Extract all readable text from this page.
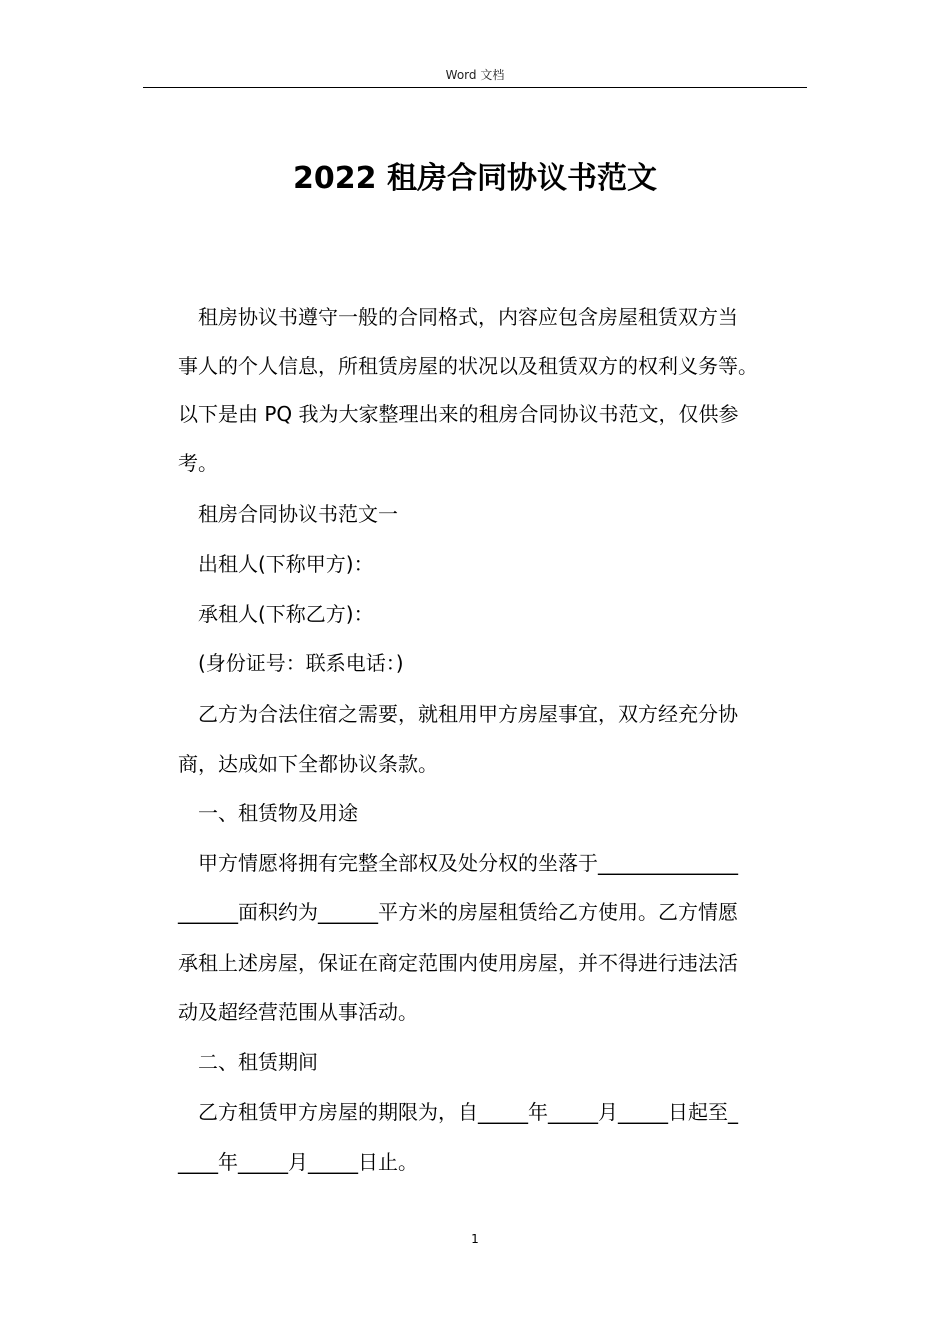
Word 文档
2022 租房合同协议书范文
　租房协议书遵守一般的合同格式，内容应包含房屋租赁双方当
事人的个人信息，所租赁房屋的状况以及租赁双方的权利义务等。
以下是由 PQ 我为大家整理出来的租房合同协议书范文，仅供参
考。
　租房合同协议书范文一
　出租人(下称甲方)：
　承租人(下称乙方)：
　(身份证号：联系电话：)
　乙方为合法住宿之需要，就租用甲方房屋事宜，双方经充分协
商，达成如下全都协议条款。
　一、租赁物及用途
　甲方情愿将拥有完整全部权及处分权的坐落于______________
______面积约为______平方米的房屋租赁给乙方使用。乙方情愿
承租上述房屋，保证在商定范围内使用房屋，并不得进行违法活
动及超经营范围从事活动。
　二、租赁期间
　乙方租赁甲方房屋的期限为，自_____年_____月_____日起至_
____年_____月_____日止。
1
